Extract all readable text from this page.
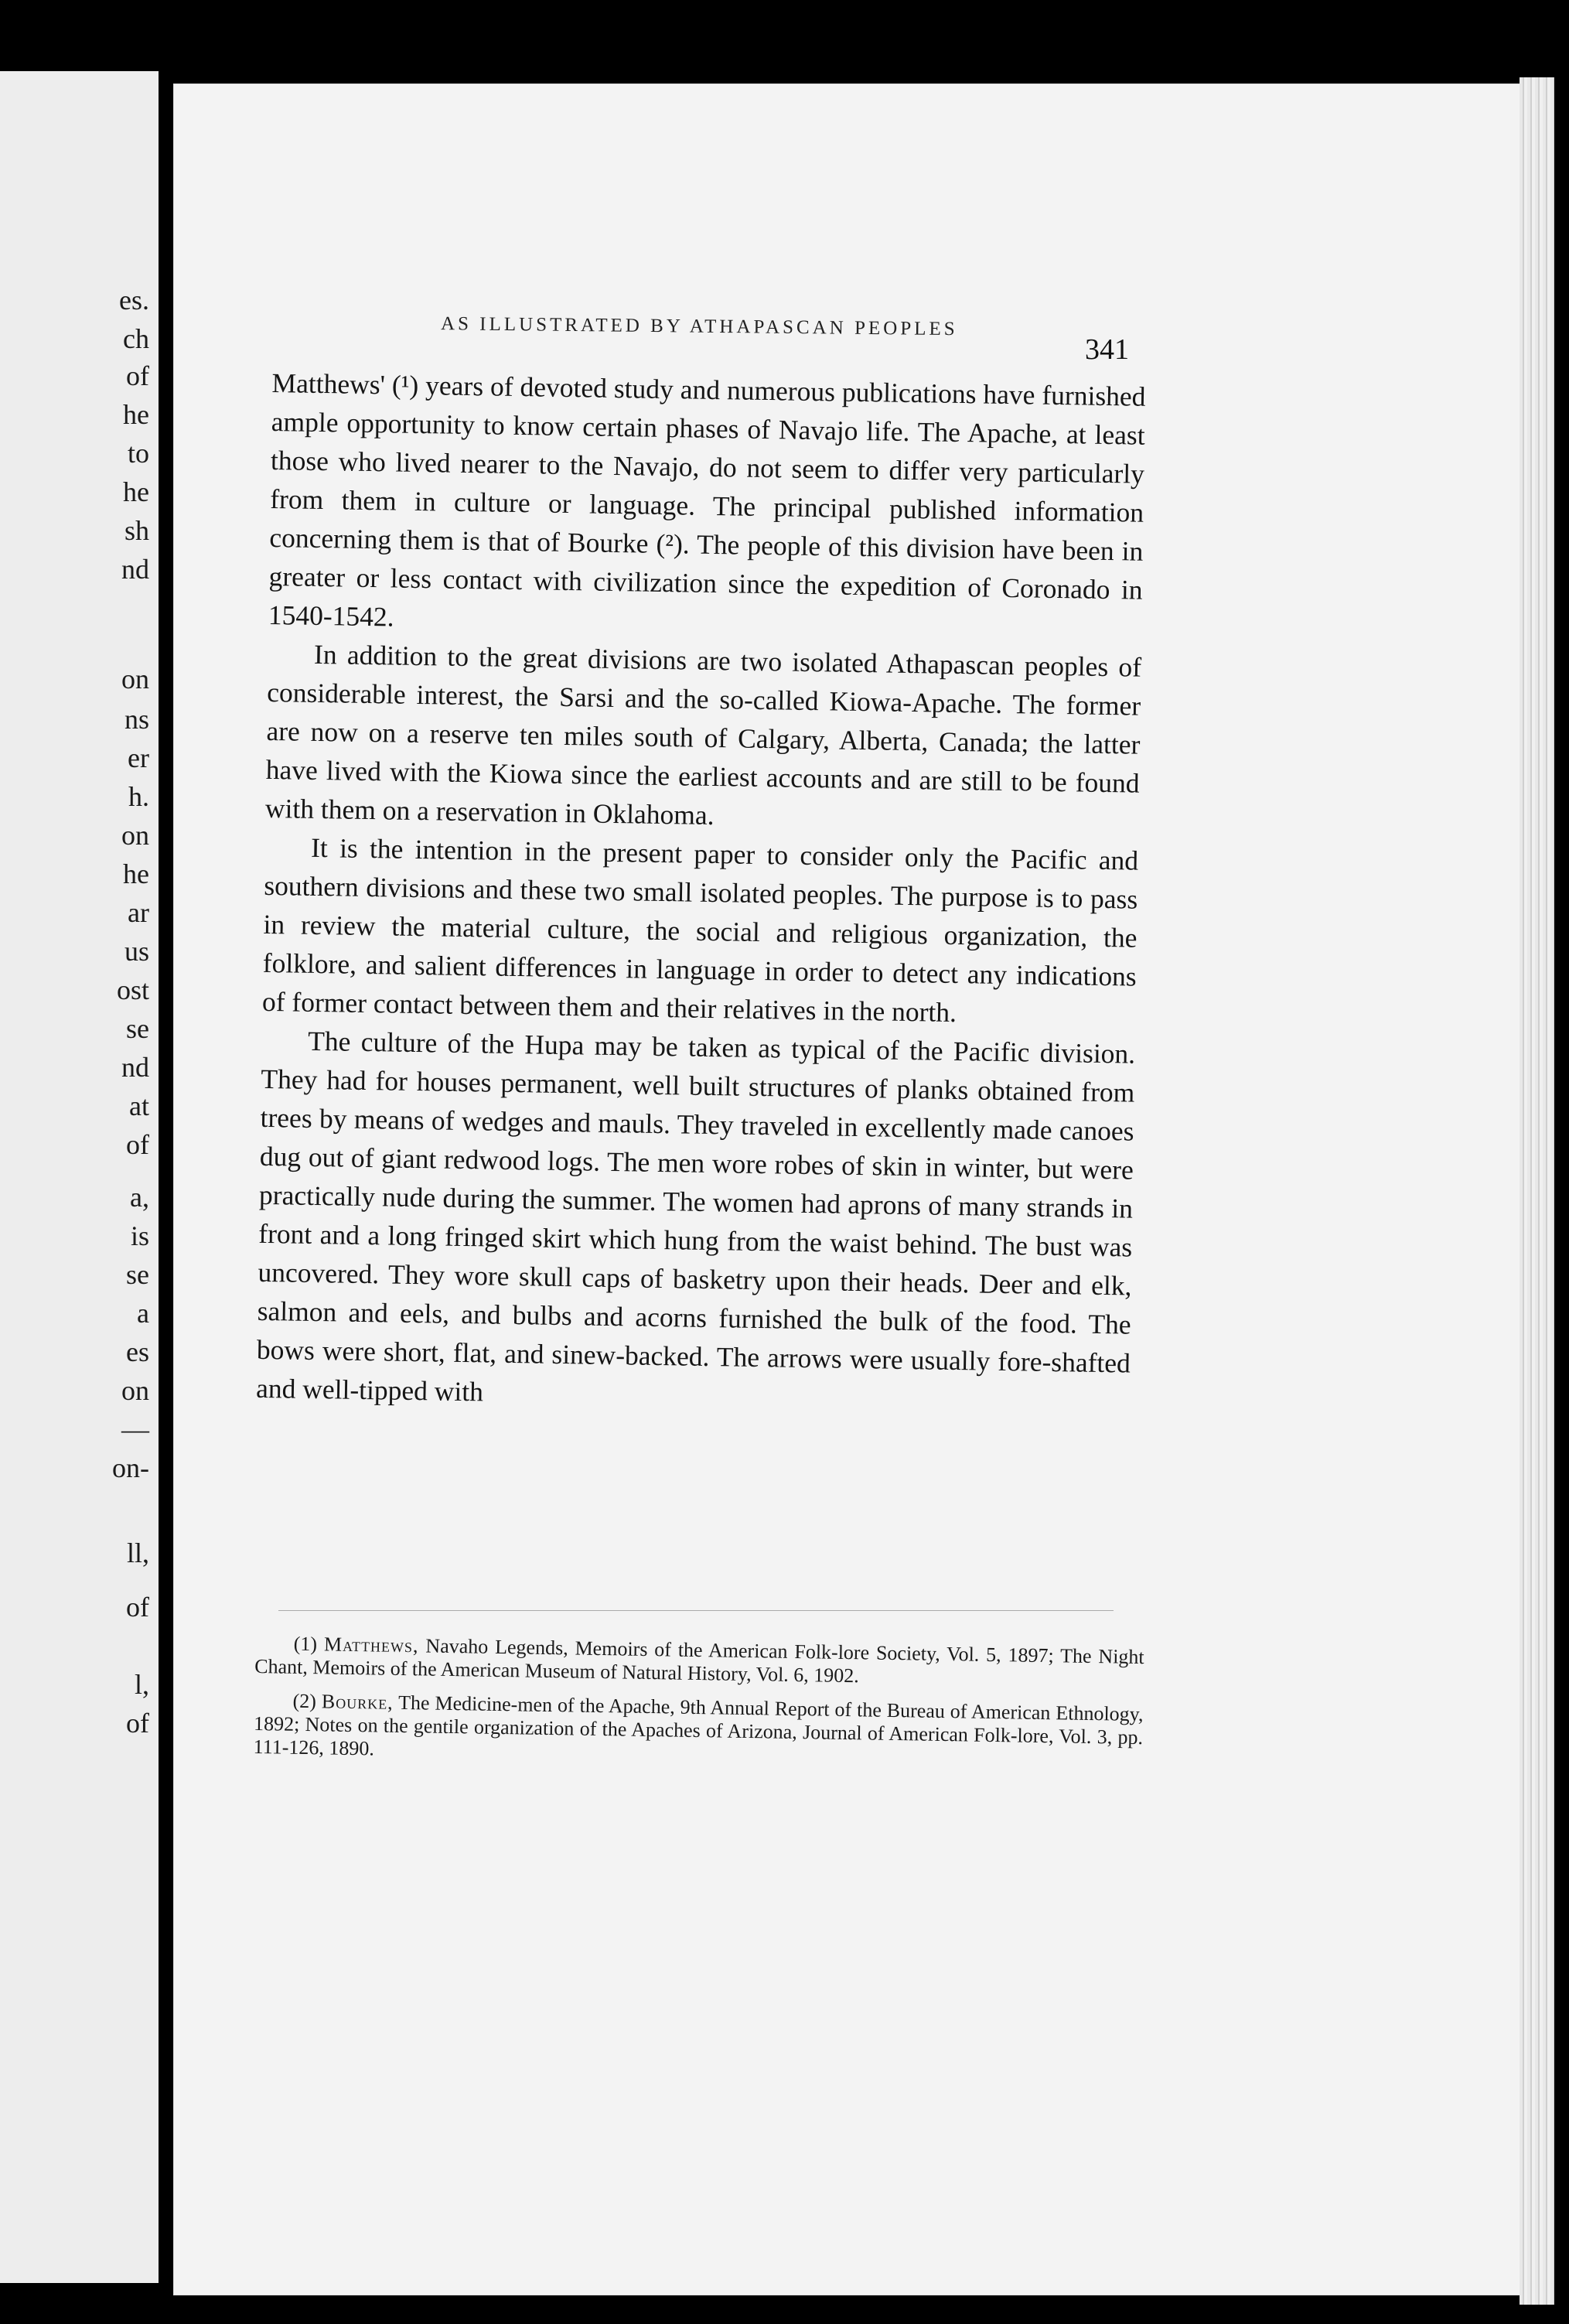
es.
ch
of
he
to
he
sh
nd
on
ns
er
h.
on
he
ar
us
ost
se
nd
at
of
a,
is
se
a
es
on
—
on-
ll,
of
l,
of
AS ILLUSTRATED BY ATHAPASCAN PEOPLES
341

Matthews' (¹) years of devoted study and numerous publications have furnished ample opportunity to know certain phases of Navajo life. The Apache, at least those who lived nearer to the Navajo, do not seem to differ very particularly from them in culture or language. The principal published information concerning them is that of Bourke (²). The people of this division have been in greater or less contact with civilization since the expedition of Coronado in 1540-1542.

In addition to the great divisions are two isolated Athapascan peoples of considerable interest, the Sarsi and the so-called Kiowa-Apache. The former are now on a reserve ten miles south of Calgary, Alberta, Canada; the latter have lived with the Kiowa since the earliest accounts and are still to be found with them on a reservation in Oklahoma.

It is the intention in the present paper to consider only the Pacific and southern divisions and these two small isolated peoples. The purpose is to pass in review the material culture, the social and religious organization, the folklore, and salient differences in language in order to detect any indications of former contact between them and their relatives in the north.

The culture of the Hupa may be taken as typical of the Pacific division. They had for houses permanent, well built structures of planks obtained from trees by means of wedges and mauls. They traveled in excellently made canoes dug out of giant redwood logs. The men wore robes of skin in winter, but were practically nude during the summer. The women had aprons of many strands in front and a long fringed skirt which hung from the waist behind. The bust was uncovered. They wore skull caps of basketry upon their heads. Deer and elk, salmon and eels, and bulbs and acorns furnished the bulk of the food. The bows were short, flat, and sinew-backed. The arrows were usually fore-shafted and well-tipped with

(1) Matthews, Navaho Legends, Memoirs of the American Folk-lore Society, Vol. 5, 1897; The Night Chant, Memoirs of the American Museum of Natural History, Vol. 6, 1902.

(2) Bourke, The Medicine-men of the Apache, 9th Annual Report of the Bureau of American Ethnology, 1892; Notes on the gentile organization of the Apaches of Arizona, Journal of American Folk-lore, Vol. 3, pp. 111-126, 1890.
